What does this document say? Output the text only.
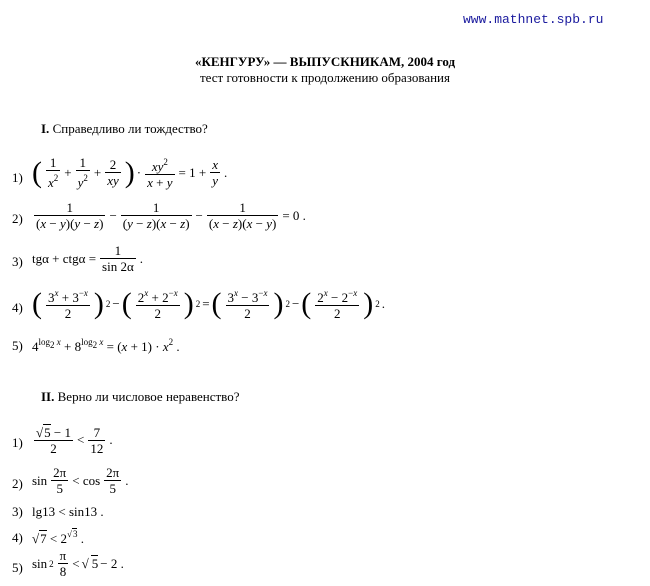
www.mathnet.spb.ru
«КЕНГУРУ» — ВЫПУСКНИКАМ, 2004 год
тест готовности к продолжению образования
I. Справедливо ли тождество?
1) ( $\frac{1}{x^2} + \frac{1}{y^2} + \frac{2}{xy}$ ) · $\frac{xy^2}{x + y} = 1 + \frac{x}{y}$ .
$2) \frac{1}{(x - y)(y - z)} - \frac{1}{(y - z)(x - z)} - \frac{1}{(x - z)(x - y)} = 0$ .
3) $tg\alpha + ctg\alpha = \frac{1}{\sin 2\alpha}$ .
4) ( $\frac{3^x + 3^{-x}}{2}$ ) 2 − ( $\frac{2^x + 2^{-x}}{2}$ ) 2 = ( $\frac{3^x - 3^{-x}}{2}$ ) 2 − ( $\frac{2^x - 2^{-x}}{2}$ ) 2 .
5) $4^{log2 x} + 8^{log2 x} = (x + 1) \cdot x^2$ .
II. Верно ли числовое неравенство?
1) √ $\frac{5 - 1}{2} < \frac{7}{12}$ .
2) $\sin \frac{2\pi}{5} < \cos \frac{2\pi}{5}$ .
3) lg13 < sin13 .
4) √	7 < 2 √ $^3$ .
5) $\sin 2 \frac{\pi}{8}$ < √ 5 − 2 .
